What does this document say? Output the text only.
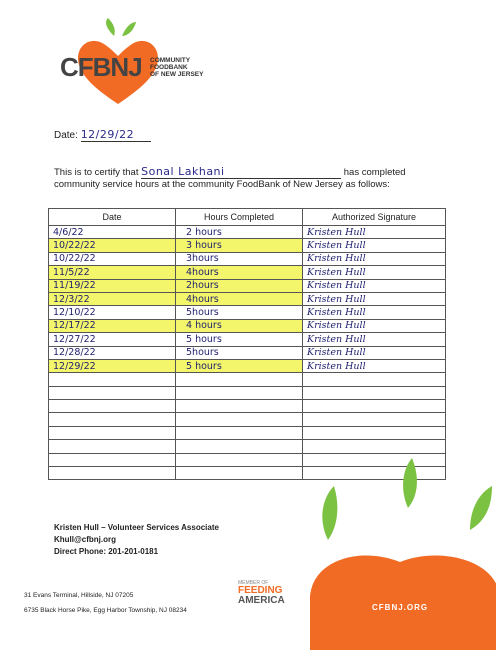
CFBNJ COMMUNITY
FOODBANK
OF NEW JERSEY
Date: 12/29/22
This is to certify that Sonal Lakhani	has completed
community service hours at the community FoodBank of New Jersey as follows:
Date	Hours Completed	Authorized Signature
4/6/22	2 hours	Kristen Hull
10/22/22	3 hours	Kristen Hull
10/22/22	3hours	Kristen Hull
11/5/22	4hours	Kristen Hull
11/19/22	2hours	Kristen Hull
12/3/22	4hours	Kristen Hull
12/10/22	5hours	Kristen Hull
12/17/22	4 hours	Kristen Hull
12/27/22	5 hours	Kristen Hull
12/28/22	5hours	Kristen Hull
12/29/22	5 hours	Kristen Hull

Kristen Hull – Volunteer Services Associate
Khull@cfbnj.org
Direct Phone: 201-201-0181
31 Evans Terminal, Hillside, NJ 07205
6735 Black Horse Pike, Egg Harbor Township, NJ 08234
MEMBER OF
FEEDING
AMERICA
CFBNJ.ORG
